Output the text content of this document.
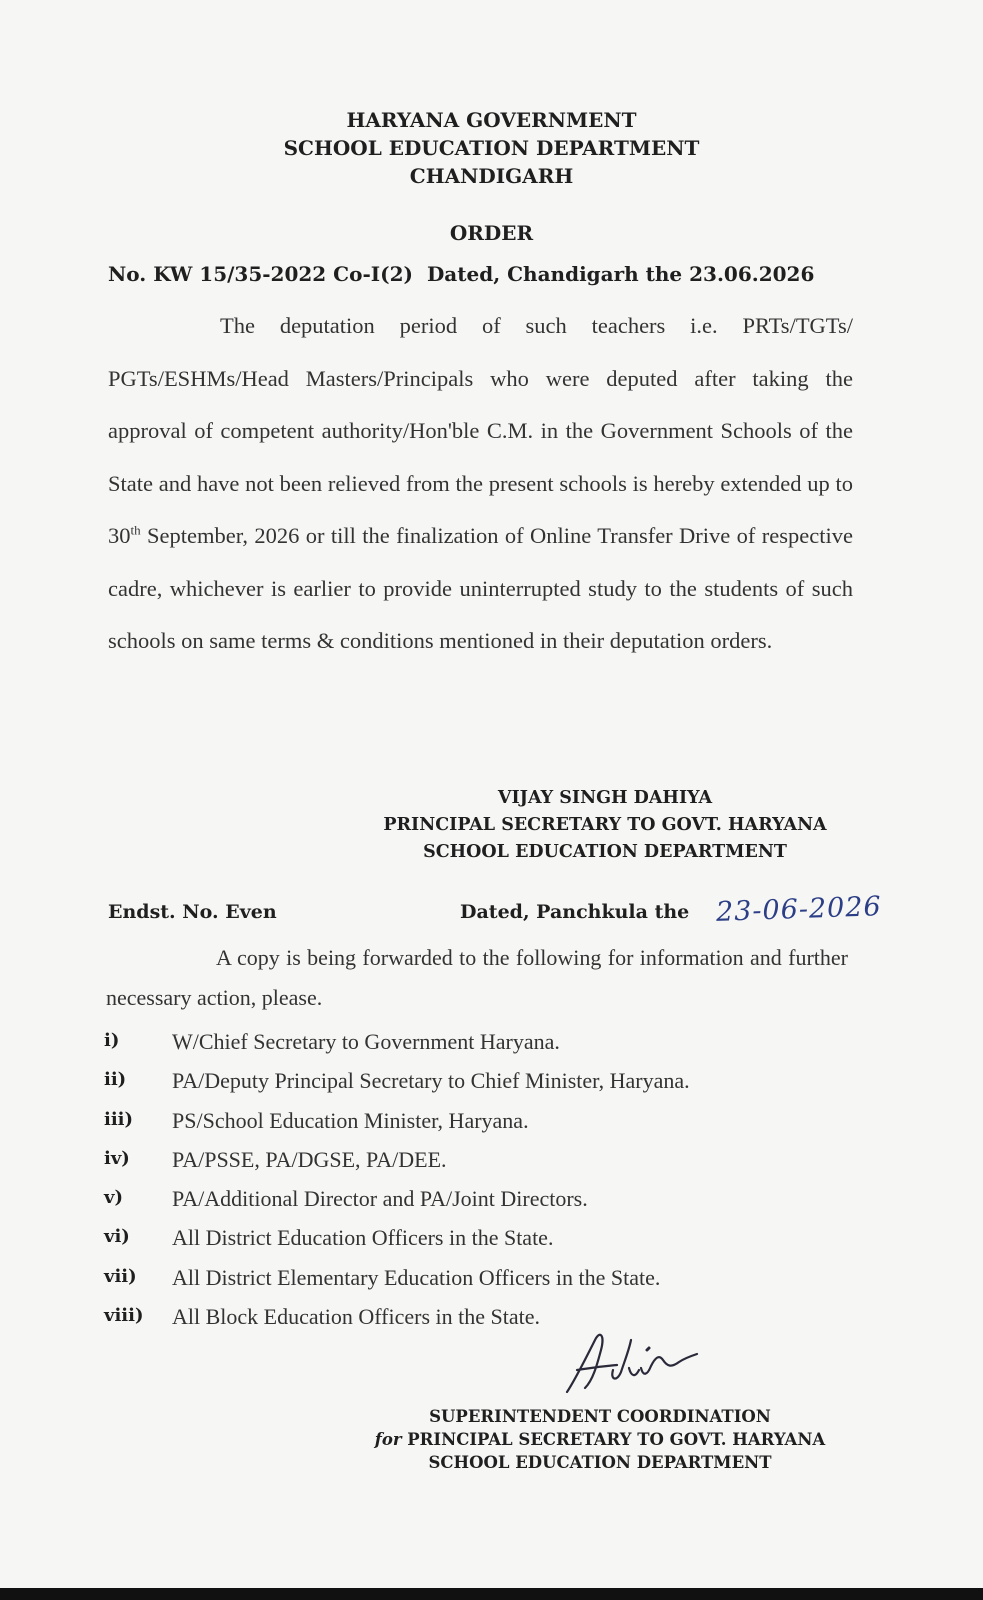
HARYANA GOVERNMENT
SCHOOL EDUCATION DEPARTMENT
CHANDIGARH
ORDER
No. KW 15/35-2022 Co-I(2) Dated, Chandigarh the 23.06.2026
The deputation period of such teachers i.e. PRTs/TGTs/ PGTs/ESHMs/Head Masters/Principals who were deputed after taking the approval of competent authority/Hon'ble C.M. in the Government Schools of the State and have not been relieved from the present schools is hereby extended up to 30th September, 2026 or till the finalization of Online Transfer Drive of respective cadre, whichever is earlier to provide uninterrupted study to the students of such schools on same terms & conditions mentioned in their deputation orders.
VIJAY SINGH DAHIYA
PRINCIPAL SECRETARY TO GOVT. HARYANA
SCHOOL EDUCATION DEPARTMENT
Endst. No. Even	Dated, Panchkula the 23-06-2026
A copy is being forwarded to the following for information and further necessary action, please.
i) W/Chief Secretary to Government Haryana.
ii) PA/Deputy Principal Secretary to Chief Minister, Haryana.
iii) PS/School Education Minister, Haryana.
iv) PA/PSSE, PA/DGSE, PA/DEE.
v) PA/Additional Director and PA/Joint Directors.
vi) All District Education Officers in the State.
vii) All District Elementary Education Officers in the State.
viii) All Block Education Officers in the State.
SUPERINTENDENT COORDINATION
for PRINCIPAL SECRETARY TO GOVT. HARYANA
SCHOOL EDUCATION DEPARTMENT
